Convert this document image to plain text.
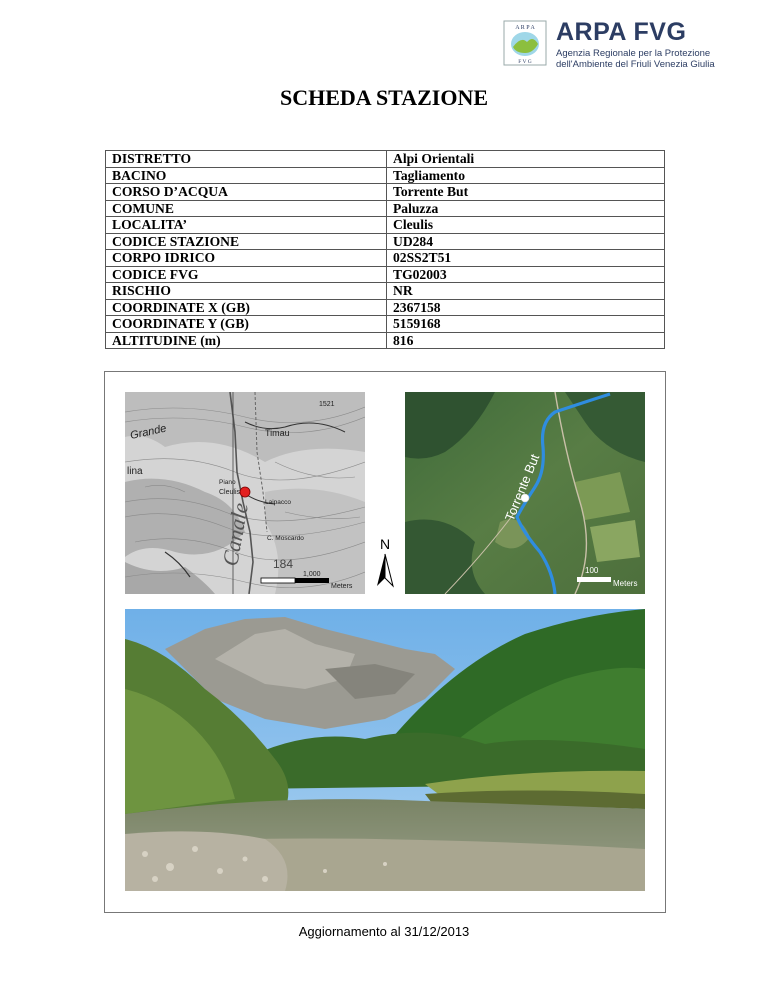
A R P A
F V G
ARPA FVG
Agenzia Regionale per la Protezione
dell'Ambiente del Friuli Venezia Giulia
SCHEDA STAZIONE
DISTRETTO	Alpi Orientali
BACINO	Tagliamento
CORSO D’ACQUA	Torrente But
COMUNE	Paluzza
LOCALITA’	Cleulis
CODICE STAZIONE	UD284
CORPO IDRICO	02SS2T51
CODICE FVG	TG02003
RISCHIO	NR
COORDINATE X (GB)	2367158
COORDINATE Y (GB)	5159168
ALTITUDINE (m)	816
Grande	Timau
lina
Piano
Cleulis
Laipacco
C. Moscardo
1521
184
Canale
1,000
Meters
N
Torrente But
100
Meters
Aggiornamento al 31/12/2013
